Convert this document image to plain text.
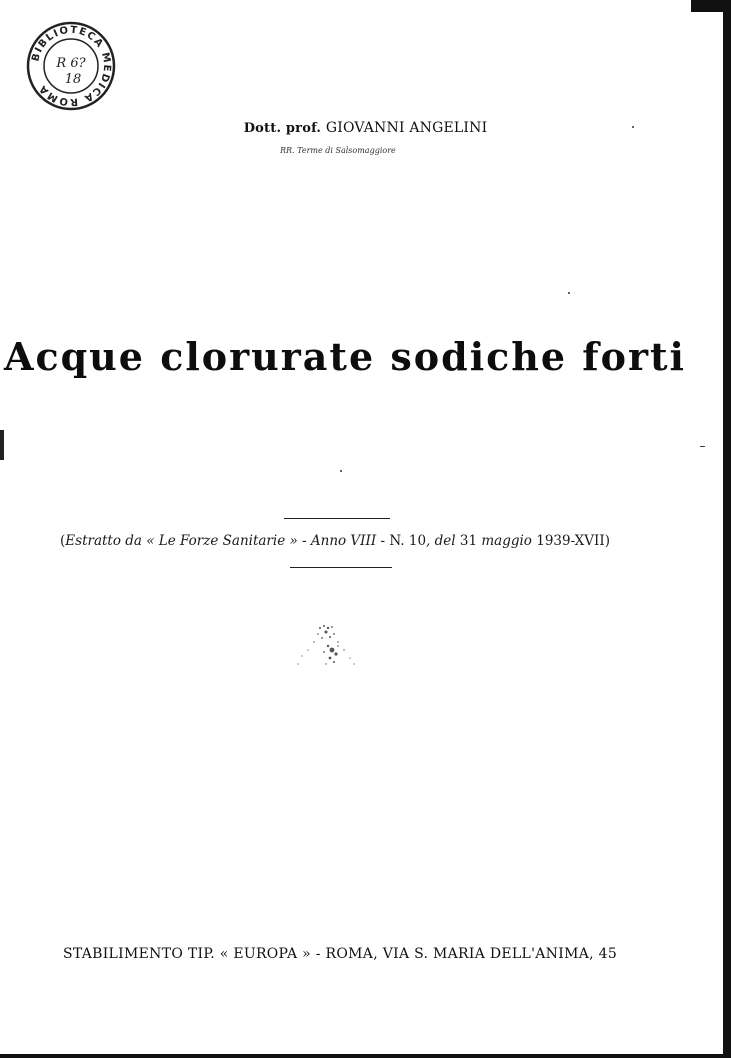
BIBLIOTECA MEDICA ROMA
R 6?
18
Dott. prof. GIOVANNI ANGELINI
RR. Terme di Salsomaggiore
Acque clorurate sodiche forti
(Estratto da « Le Forze Sanitarie » - Anno VIII - N. 10, del 31 maggio 1939-XVII)
STABILIMENTO TIP. « EUROPA » - ROMA, VIA S. MARIA DELL'ANIMA, 45
